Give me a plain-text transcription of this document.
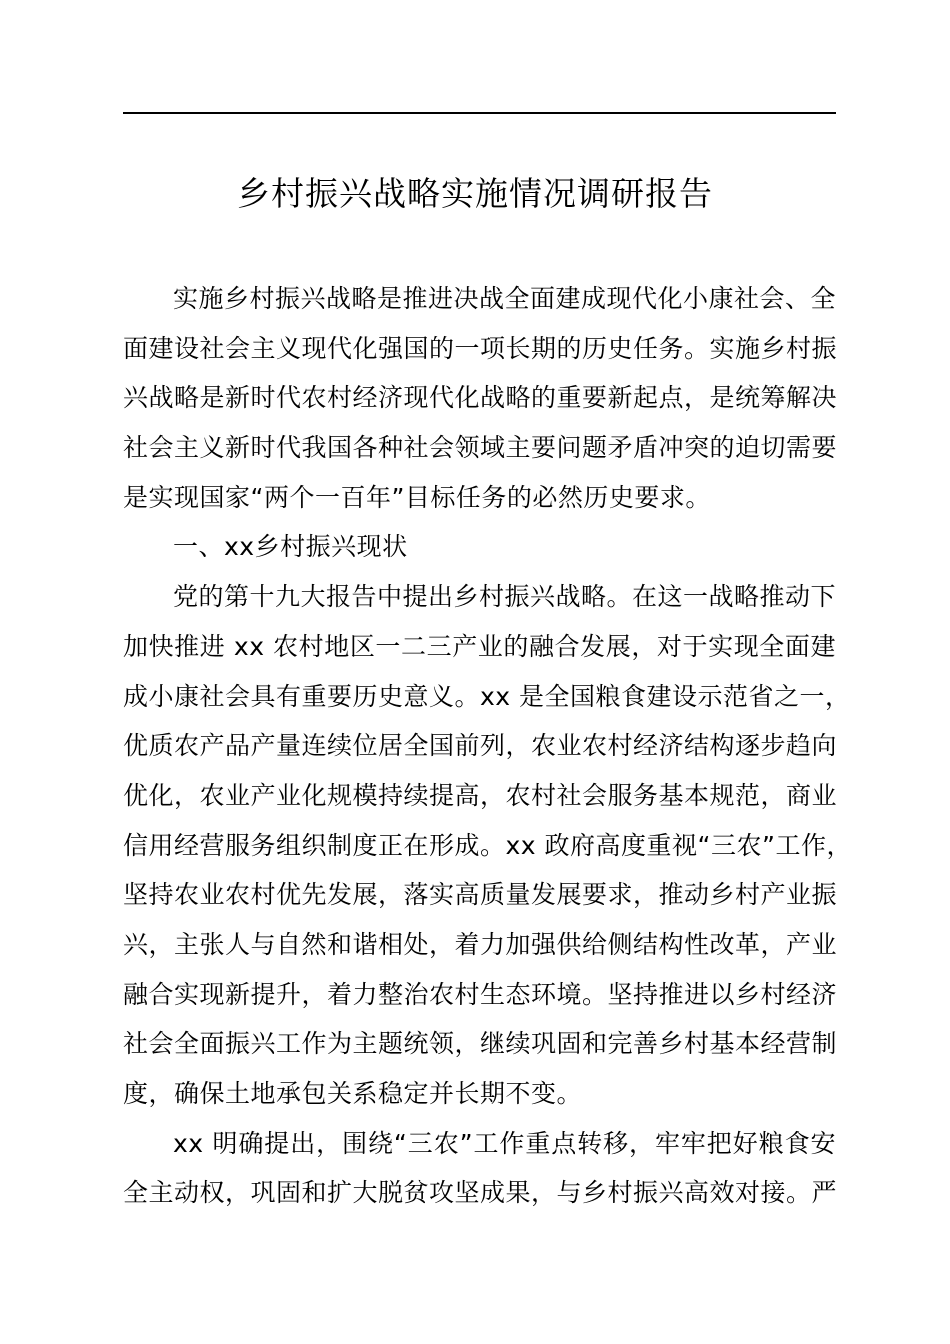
乡村振兴战略实施情况调研报告
实施乡村振兴战略是推进决战全面建成现代化小康社会、全
面建设社会主义现代化强国的一项长期的历史任务。实施乡村振
兴战略是新时代农村经济现代化战略的重要新起点，是统筹解决
社会主义新时代我国各种社会领域主要问题矛盾冲突的迫切需要
是实现国家“两个一百年”目标任务的必然历史要求。
一、xx乡村振兴现状
党的第十九大报告中提出乡村振兴战略。在这一战略推动下
加快推进 xx 农村地区一二三产业的融合发展，对于实现全面建
成小康社会具有重要历史意义。xx 是全国粮食建设示范省之一，
优质农产品产量连续位居全国前列，农业农村经济结构逐步趋向
优化，农业产业化规模持续提高，农村社会服务基本规范，商业
信用经营服务组织制度正在形成。xx 政府高度重视“三农”工作，
坚持农业农村优先发展，落实高质量发展要求，推动乡村产业振
兴，主张人与自然和谐相处，着力加强供给侧结构性改革，产业
融合实现新提升，着力整治农村生态环境。坚持推进以乡村经济
社会全面振兴工作为主题统领，继续巩固和完善乡村基本经营制
度，确保土地承包关系稳定并长期不变。
xx 明确提出，围绕“三农”工作重点转移，牢牢把好粮食安
全主动权，巩固和扩大脱贫攻坚成果，与乡村振兴高效对接。严
